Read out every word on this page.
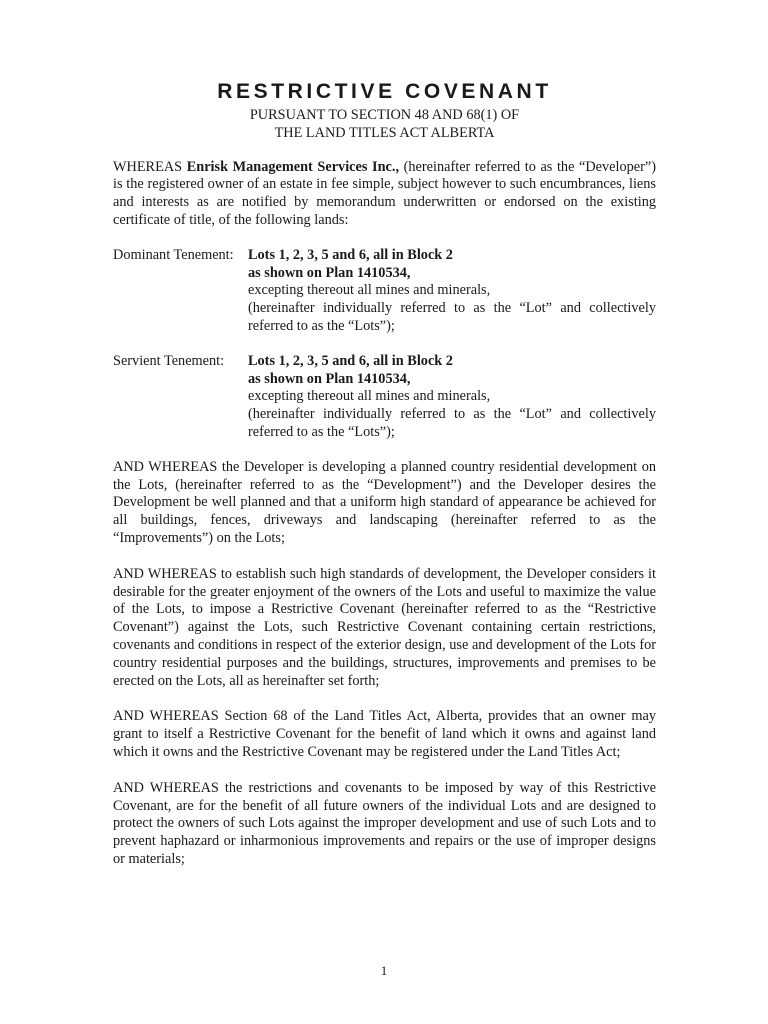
RESTRICTIVE COVENANT
PURSUANT TO SECTION 48 AND 68(1) OF
THE LAND TITLES ACT ALBERTA
WHEREAS Enrisk Management Services Inc., (hereinafter referred to as the “Developer”) is the registered owner of an estate in fee simple, subject however to such encumbrances, liens and interests as are notified by memorandum underwritten or endorsed on the existing certificate of title, of the following lands:
Dominant Tenement:	Lots 1, 2, 3, 5 and 6, all in Block 2
as shown on Plan 1410534,
excepting thereout all mines and minerals,
(hereinafter individually referred to as the “Lot” and collectively referred to as the “Lots”);
Servient Tenement:	Lots 1, 2, 3, 5 and 6, all in Block 2
as shown on Plan 1410534,
excepting thereout all mines and minerals,
(hereinafter individually referred to as the “Lot” and collectively referred to as the “Lots”);
AND WHEREAS the Developer is developing a planned country residential development on the Lots, (hereinafter referred to as the “Development”) and the Developer desires the Development be well planned and that a uniform high standard of appearance be achieved for all buildings, fences, driveways and landscaping (hereinafter referred to as the “Improvements”) on the Lots;
AND WHEREAS to establish such high standards of development, the Developer considers it desirable for the greater enjoyment of the owners of the Lots and useful to maximize the value of the Lots, to impose a Restrictive Covenant (hereinafter referred to as the “Restrictive Covenant”) against the Lots, such Restrictive Covenant containing certain restrictions, covenants and conditions in respect of the exterior design, use and development of the Lots for country residential purposes and the buildings, structures, improvements and premises to be erected on the Lots, all as hereinafter set forth;
AND WHEREAS Section 68 of the Land Titles Act, Alberta, provides that an owner may grant to itself a Restrictive Covenant for the benefit of land which it owns and against land which it owns and the Restrictive Covenant may be registered under the Land Titles Act;
AND WHEREAS the restrictions and covenants to be imposed by way of this Restrictive Covenant, are for the benefit of all future owners of the individual Lots and are designed to protect the owners of such Lots against the improper development and use of such Lots and to prevent haphazard or inharmonious improvements and repairs or the use of improper designs or materials;
1
